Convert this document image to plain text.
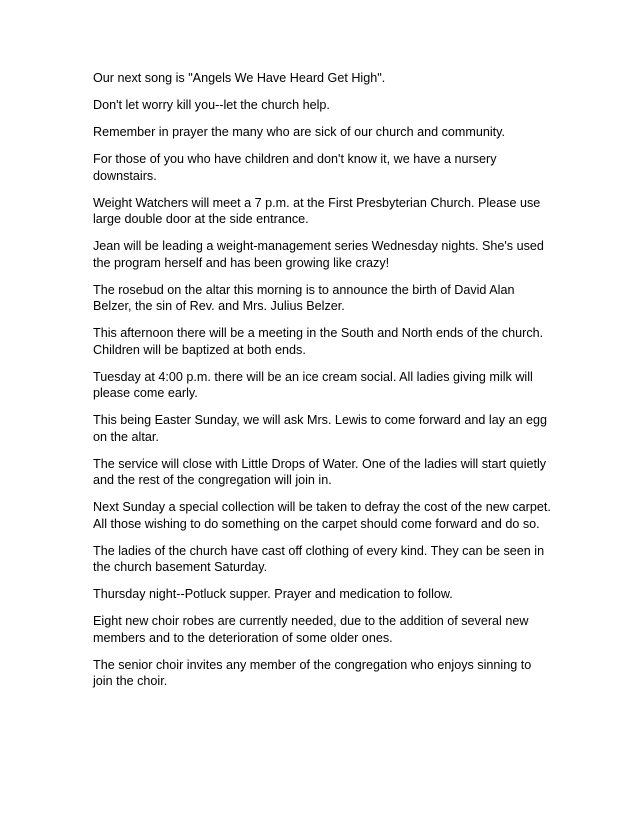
Our next song is "Angels We Have Heard Get High".

Don't let worry kill you--let the church help.

Remember in prayer the many who are sick of our church and community.

For those of you who have children and don't know it, we have a nursery downstairs.

Weight Watchers will meet a 7 p.m. at the First Presbyterian Church. Please use large double door at the side entrance.

Jean will be leading a weight-management series Wednesday nights. She's used the program herself and has been growing like crazy!

The rosebud on the altar this morning is to announce the birth of David Alan Belzer, the sin of Rev. and Mrs. Julius Belzer.

This afternoon there will be a meeting in the South and North ends of the church. Children will be baptized at both ends.

Tuesday at 4:00 p.m. there will be an ice cream social. All ladies giving milk will please come early.

This being Easter Sunday, we will ask Mrs. Lewis to come forward and lay an egg on the altar.

The service will close with Little Drops of Water. One of the ladies will start quietly and the rest of the congregation will join in.

Next Sunday a special collection will be taken to defray the cost of the new carpet. All those wishing to do something on the carpet should come forward and do so.

The ladies of the church have cast off clothing of every kind. They can be seen in the church basement Saturday.

Thursday night--Potluck supper. Prayer and medication to follow.

Eight new choir robes are currently needed, due to the addition of several new members and to the deterioration of some older ones.

The senior choir invites any member of the congregation who enjoys sinning to join the choir.
